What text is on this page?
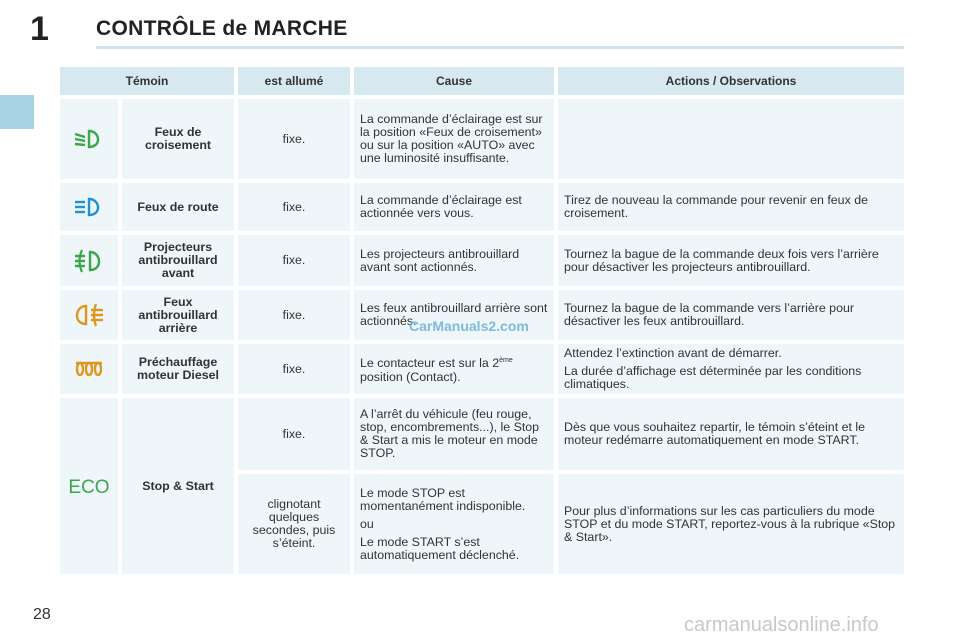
1 CONTRÔLE de MARCHE
Témoin		est allumé	Cause	Actions / Observations

	Feux de croisement	fixe.	La commande d’éclairage est sur la position «Feux de croisement» ou sur la position «AUTO» avec une luminosité insuffisante.	

	Feux de route	fixe.	La commande d’éclairage est actionnée vers vous.	Tirez de nouveau la commande pour revenir en feux de croisement.

	Projecteurs antibrouillard avant	fixe.	Les projecteurs antibrouillard avant sont actionnés.	Tournez la bague de la commande deux fois vers l’arrière pour désactiver les projecteurs antibrouillard.

	Feux antibrouillard arrière	fixe.	Les feux antibrouillard arrière sont actionnés.	Tournez la bague de la commande vers l’arrière pour désactiver les feux antibrouillard.

	Préchauffage moteur Diesel	fixe.	Le contacteur est sur la 2ème position (Contact).	Attendez l’extinction avant de démarrer.

La durée d’affichage est déterminée par les conditions climatiques.

ECO	Stop & Start	fixe.	A l’arrêt du véhicule (feu rouge, stop, encombrements...), le Stop & Start a mis le moteur en mode STOP.	Dès que vous souhaitez repartir, le témoin s’éteint et le moteur redémarre automatiquement en mode START.

		clignotant quelques secondes, puis s’éteint.	Le mode STOP est momentanément indisponible.

ou

Le mode START s’est automatiquement déclenché.	Pour plus d’informations sur les cas particuliers du mode STOP et du mode START, reportez-vous à la rubrique «Stop & Start».

CarManuals2.com
28	carmanualsonline.info
